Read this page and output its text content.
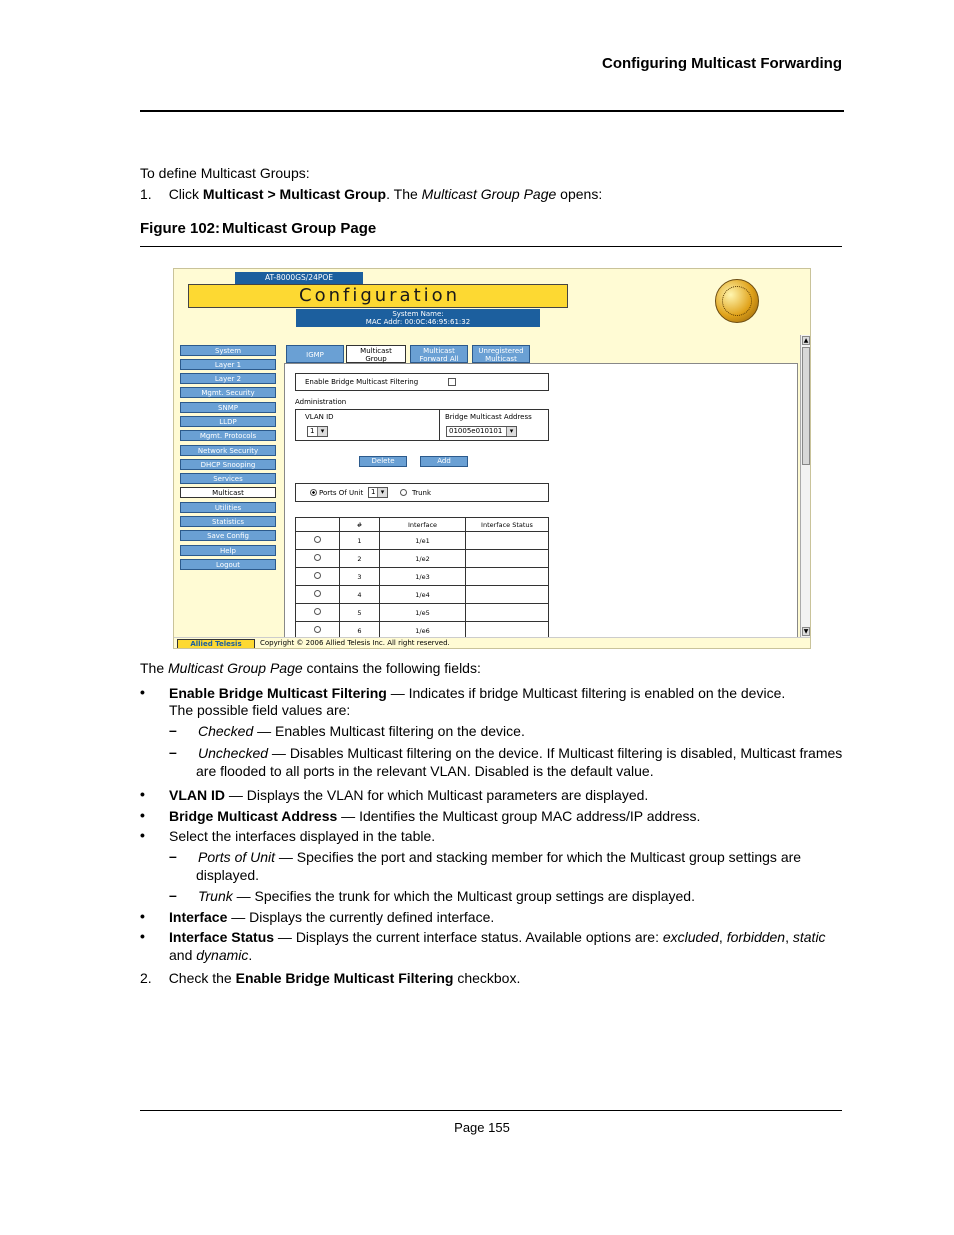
Configuring Multicast Forwarding
To define Multicast Groups:
1. Click Multicast > Multicast Group. The Multicast Group Page opens:
Figure 102: Multicast Group Page
AT-8000GS/24POE
Configuration
System Name:
MAC Addr: 00:0C:46:95:61:32
System
Layer 1
Layer 2
Mgmt. Security
SNMP
LLDP
Mgmt. Protocols
Network Security
DHCP Snooping
Services
Multicast
Utilities
Statistics
Save Config
Help
Logout
IGMP	Multicast
Group
Multicast
Forward All
Unregistered
Multicast
Enable Bridge Multicast Filtering
Administration
VLAN ID
1 ▾
Bridge Multicast Address
01005e010101 ▾
Delete	Add
Ports Of Unit	1 ▾	Trunk
	#	Interface	Interface Status
	1	1/e1	
	2	1/e2	
	3	1/e3	
	4	1/e4	
	5	1/e5	
	6	1/e6	
▲
▼
Allied Telesis	Copyright © 2006 Allied Telesis Inc. All right reserved.
The Multicast Group Page contains the following fields:
• Enable Bridge Multicast Filtering — Indicates if bridge Multicast filtering is enabled on the device.
The possible field values are:
– Checked — Enables Multicast filtering on the device.
– Unchecked — Disables Multicast filtering on the device. If Multicast filtering is disabled, Multicast frames
are flooded to all ports in the relevant VLAN. Disabled is the default value.
• VLAN ID — Displays the VLAN for which Multicast parameters are displayed.
• Bridge Multicast Address — Identifies the Multicast group MAC address/IP address.
• Select the interfaces displayed in the table.
– Ports of Unit — Specifies the port and stacking member for which the Multicast group settings are
displayed.
– Trunk — Specifies the trunk for which the Multicast group settings are displayed.
• Interface — Displays the currently defined interface.
• Interface Status — Displays the current interface status. Available options are: excluded, forbidden, static
and dynamic.
2. Check the Enable Bridge Multicast Filtering checkbox.
Page 155
